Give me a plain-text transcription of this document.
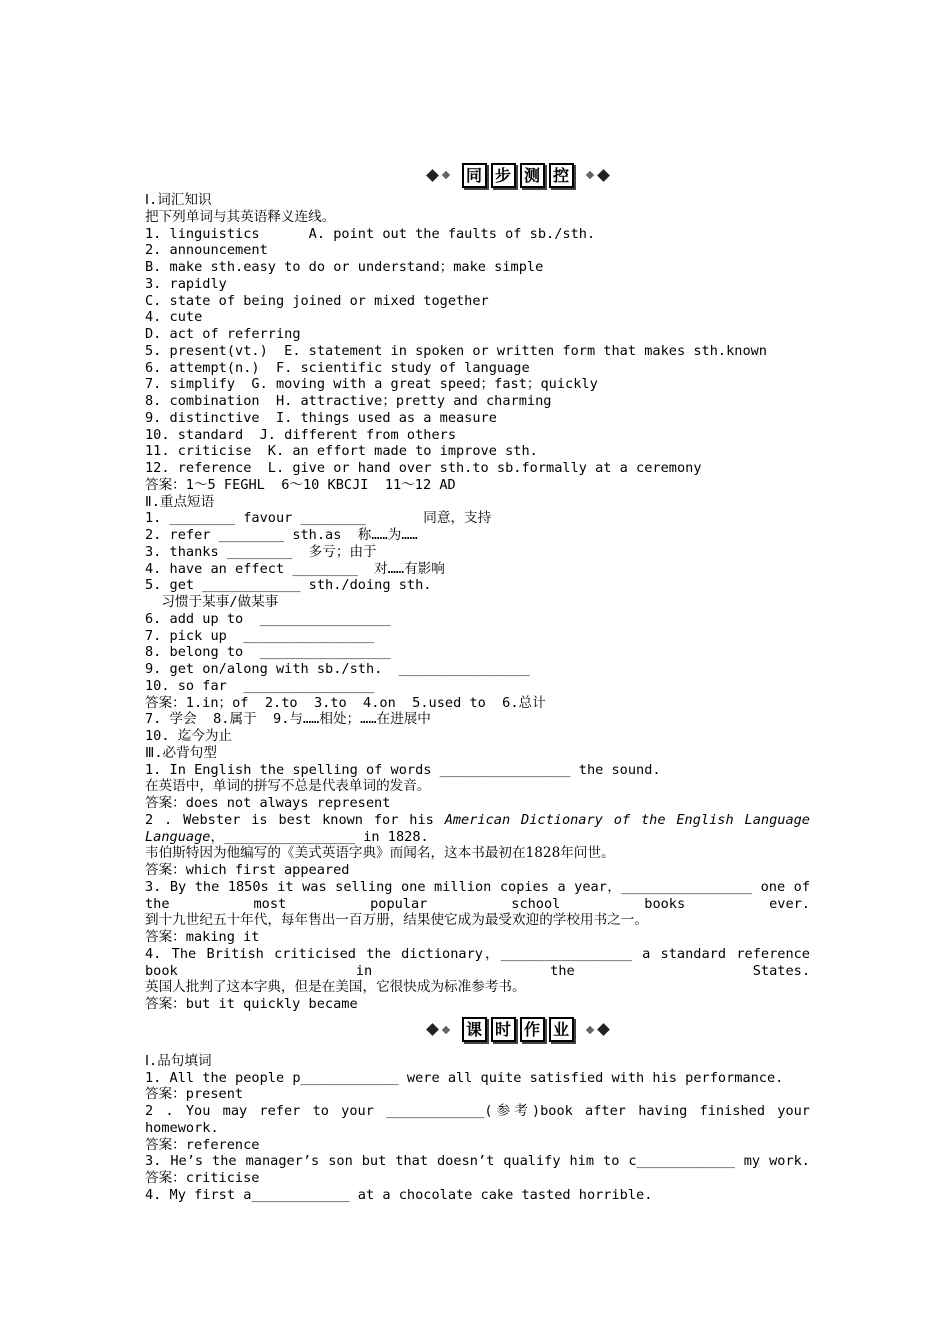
同 步 测 控
Ⅰ.词汇知识
把下列单词与其英语释义连线。
1. linguistics      A. point out the faults of sb./sth.
2. announcement
B. make sth.easy to do or understand；make simple
3. rapidly
C. state of being joined or mixed together
4. cute
D. act of referring
5. present(vt.)  E. statement in spoken or written form that makes sth.known
6. attempt(n.)  F. scientific study of language
7. simplify  G. moving with a great speed；fast；quickly
8. combination  H. attractive；pretty and charming
9. distinctive  I. things used as a measure
10. standard  J. different from others
11. criticise  K. an effort made to improve sth.
12. reference  L. give or hand over sth.to sb.formally at a ceremony
答案：1～5 FEGHL  6～10 KBCJI  11～12 AD
Ⅱ.重点短语
1. ________ favour ________       同意，支持
2. refer ________ sth.as  称……为……
3. thanks ________  多亏；由于
4. have an effect ________  对……有影响
5. get ____________ sth./doing sth.
习惯于某事/做某事
6. add up to  ________________
7. pick up  ________________
8. belong to  ________________
9. get on/along with sb./sth.  ________________
10. so far  ________________
答案：1.in；of  2.to  3.to  4.on  5.used to  6.总计
7. 学会  8.属于  9.与……相处；……在进展中
10. 迄今为止
Ⅲ.必背句型
1. In English the spelling of words ________________ the sound.
在英语中，单词的拼写不总是代表单词的发音。
答案：does not always represent
2 . Webster is best known for his American Dictionary of the English Language
Language，________________ in 1828.
韦伯斯特因为他编写的《美式英语字典》而闻名，这本书最初在1828年问世。
答案：which first appeared
3. By the 1850s it was selling one million copies a year，________________ one of the most popular school books ever.
到十九世纪五十年代，每年售出一百万册，结果使它成为最受欢迎的学校用书之一。
答案：making it
4. The British criticised the dictionary，________________ a standard reference book in the States.
英国人批判了这本字典，但是在美国，它很快成为标准参考书。
答案：but it quickly became
课 时 作 业
Ⅰ.品句填词
1. All the people p____________ were all quite satisfied with his performance.
答案：present
2 . You may refer to your ____________(参考)book after having finished your homework.
答案：reference
3. He’s the manager’s son but that doesn’t qualify him to c____________ my work.
答案：criticise
4. My first a____________ at a chocolate cake tasted horrible.
